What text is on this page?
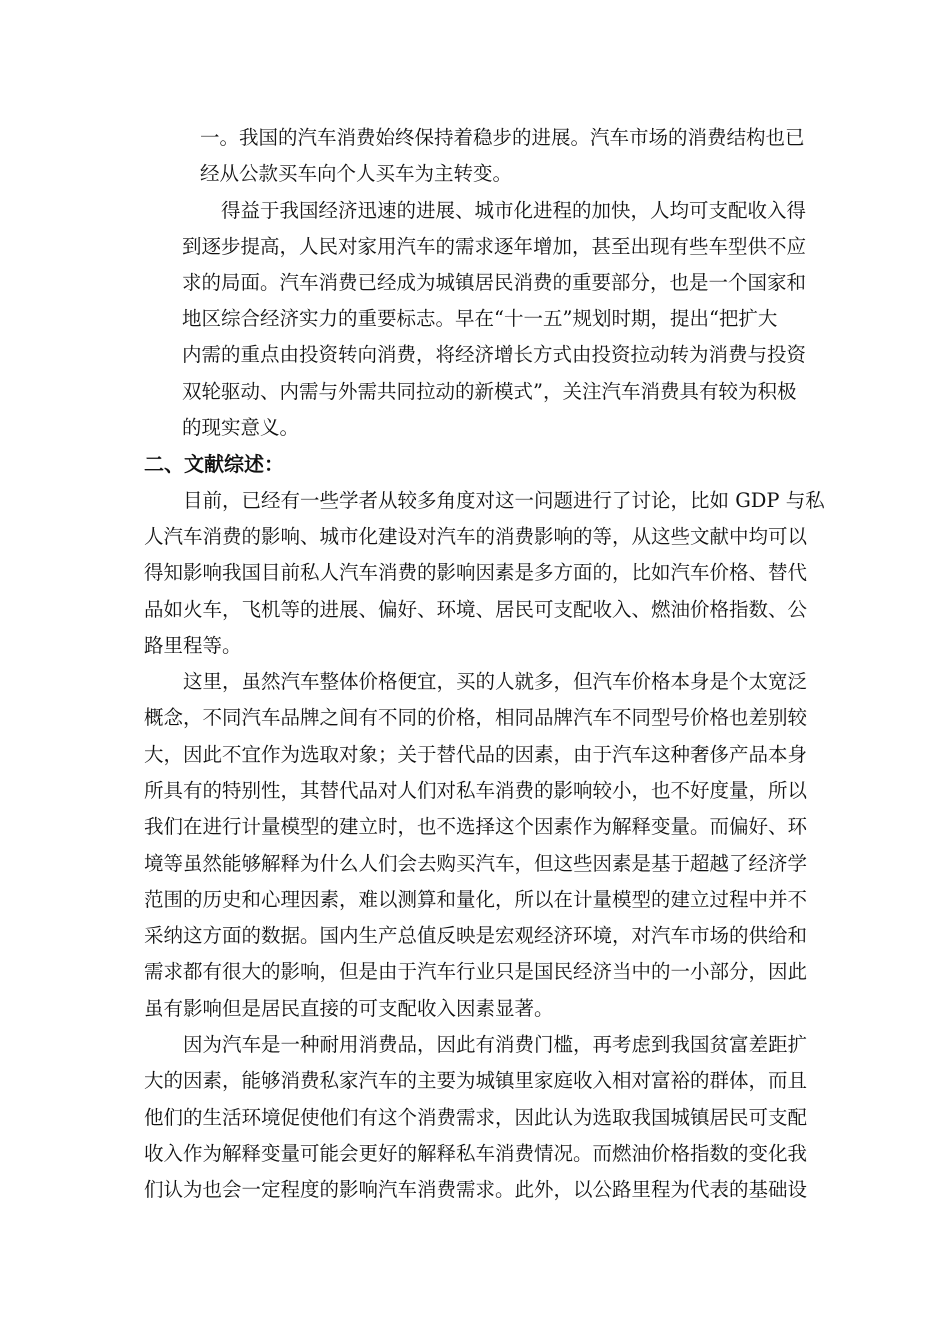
一。我国的汽车消费始终保持着稳步的进展。汽车市场的消费结构也已

经从公款买车向个人买车为主转变。

得益于我国经济迅速的进展、城市化进程的加快，人均可支配收入得

到逐步提高，人民对家用汽车的需求逐年增加，甚至出现有些车型供不应

求的局面。汽车消费已经成为城镇居民消费的重要部分，也是一个国家和

地区综合经济实力的重要标志。早在“十一五”规划时期，提出“把扩大

内需的重点由投资转向消费，将经济增长方式由投资拉动转为消费与投资

双轮驱动、内需与外需共同拉动的新模式”，关注汽车消费具有较为积极

的现实意义。

二、文献综述：

目前，已经有一些学者从较多角度对这一问题进行了讨论，比如 GDP 与私

人汽车消费的影响、城市化建设对汽车的消费影响的等，从这些文献中均可以

得知影响我国目前私人汽车消费的影响因素是多方面的，比如汽车价格、替代

品如火车，飞机等的进展、偏好、环境、居民可支配收入、燃油价格指数、公

路里程等。

这里，虽然汽车整体价格便宜，买的人就多，但汽车价格本身是个太宽泛

概念，不同汽车品牌之间有不同的价格，相同品牌汽车不同型号价格也差别较

大，因此不宜作为选取对象；关于替代品的因素，由于汽车这种奢侈产品本身

所具有的特别性，其替代品对人们对私车消费的影响较小，也不好度量，所以

我们在进行计量模型的建立时，也不选择这个因素作为解释变量。而偏好、环

境等虽然能够解释为什么人们会去购买汽车，但这些因素是基于超越了经济学

范围的历史和心理因素，难以测算和量化，所以在计量模型的建立过程中并不

采纳这方面的数据。国内生产总值反映是宏观经济环境，对汽车市场的供给和

需求都有很大的影响，但是由于汽车行业只是国民经济当中的一小部分，因此

虽有影响但是居民直接的可支配收入因素显著。

因为汽车是一种耐用消费品，因此有消费门槛，再考虑到我国贫富差距扩

大的因素，能够消费私家汽车的主要为城镇里家庭收入相对富裕的群体，而且

他们的生活环境促使他们有这个消费需求，因此认为选取我国城镇居民可支配

收入作为解释变量可能会更好的解释私车消费情况。而燃油价格指数的变化我

们认为也会一定程度的影响汽车消费需求。此外，以公路里程为代表的基础设
